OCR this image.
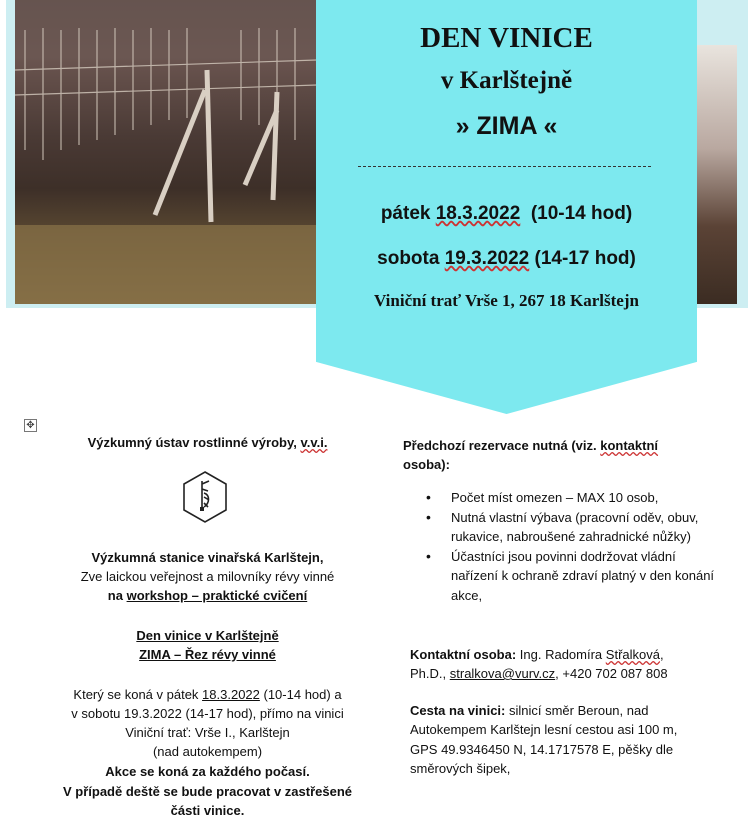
DEN VINICE
v Karlštejně
» ZIMA «
pátek 18.3.2022  (10-14 hod)
sobota 19.3.2022 (14-17 hod)
Viniční trať Vrše 1, 267 18 Karlštejn
✥
Výzkumný ústav rostlinné výroby, v.v.i.
Výzkumná stanice vinařská Karlštejn,
Zve laickou veřejnost a milovníky révy vinné
na workshop – praktické cvičení
Den vinice v Karlštejně
ZIMA – Řez révy vinné
Který se koná v pátek 18.3.2022 (10-14 hod) a
v sobotu 19.3.2022 (14-17 hod), přímo na vinici
Viniční trať: Vrše I., Karlštejn
(nad autokempem)
Akce se koná za každého počasí.
V případě deště se bude pracovat v zastřešené
části vinice.
Předchozí rezervace nutná (viz. kontaktní
osoba):
• Počet míst omezen – MAX 10 osob,
• Nutná vlastní výbava (pracovní oděv, obuv, rukavice, nabroušené zahradnické nůžky)
• Účastníci jsou povinni dodržovat vládní nařízení k ochraně zdraví platný v den konání akce,
Kontaktní osoba: Ing. Radomíra Střalková,
Ph.D., stralkova@vurv.cz, +420 702 087 808
Cesta na vinici: silnicí směr Beroun, nad
Autokempem Karlštejn lesní cestou asi 100 m,
GPS 49.9346450 N, 14.1717578 E, pěšky dle
směrových šipek,
